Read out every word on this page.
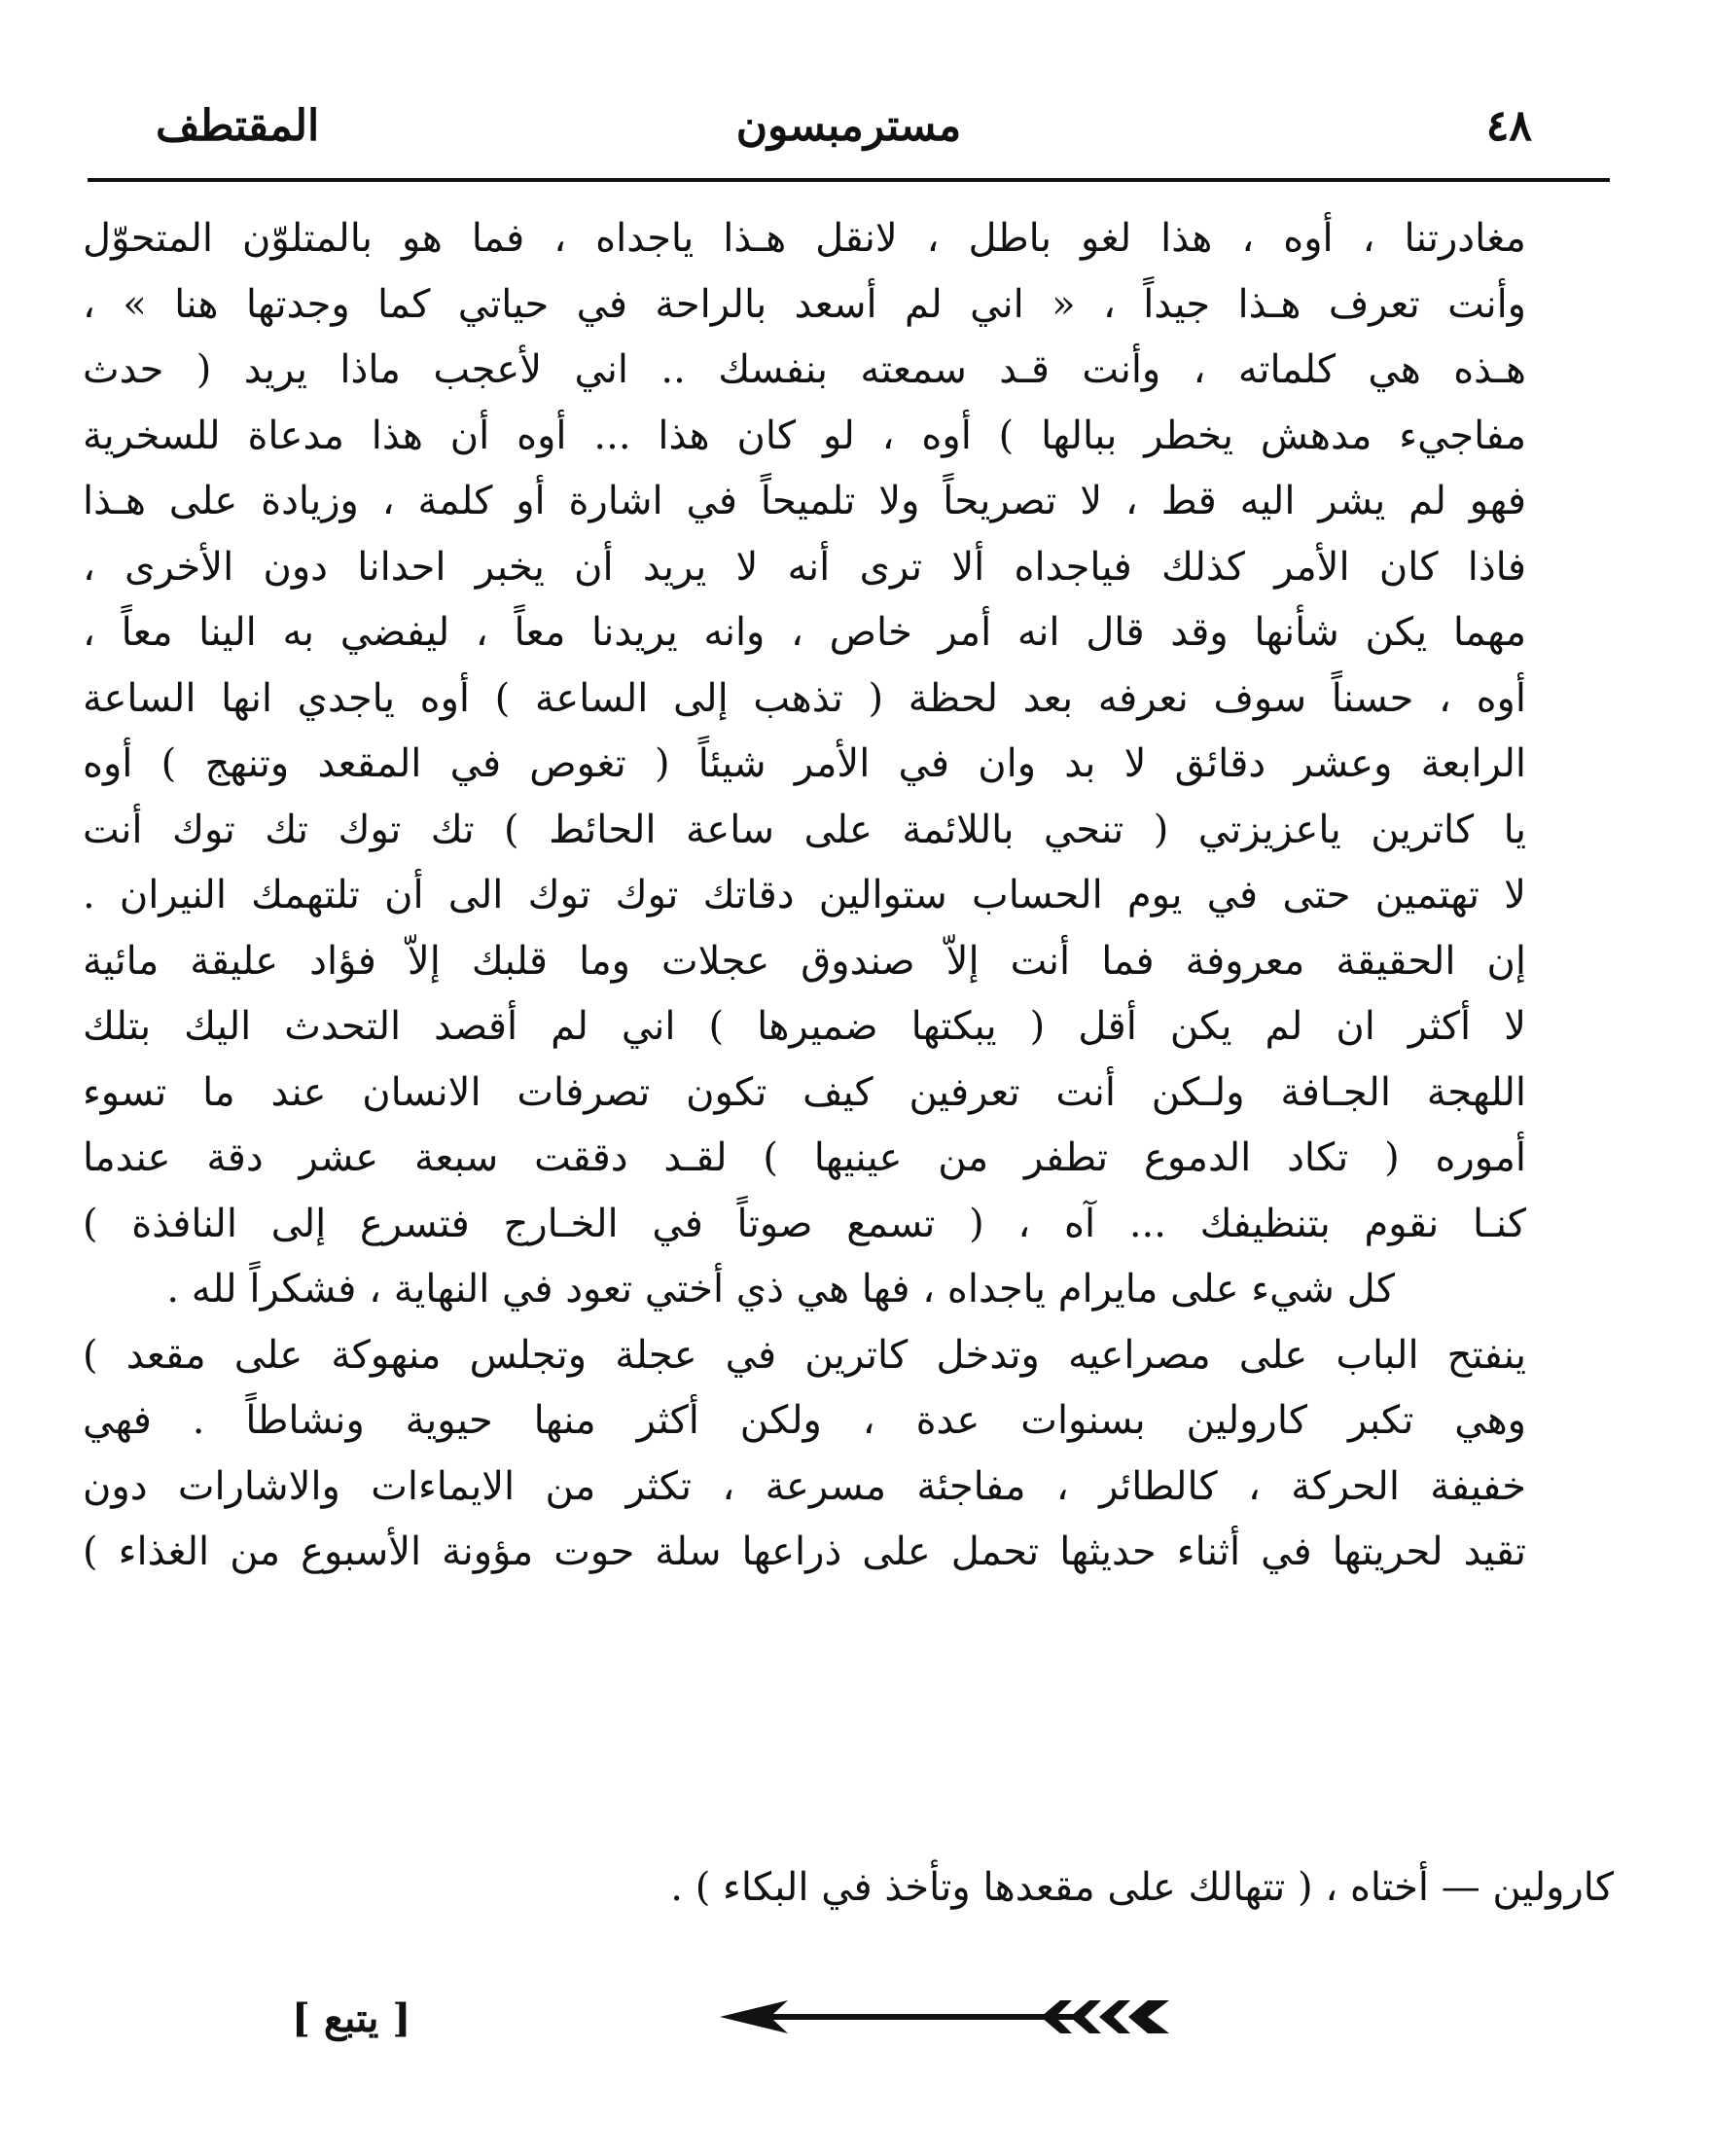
٤٨
مسترمبسون
المقتطف
مغادرتنا ، أوه ، هذا لغو باطل ، لانقل هـذا ياجداه ، فما هو بالمتلوّن المتحوّل
وأنت تعرف هـذا جيداً ، « اني لم أسعد بالراحة في حياتي كما وجدتها هنا » ،
هـذه هي كلماته ، وأنت قـد سمعته بنفسك .. اني لأعجب ماذا يريد ( حدث
مفاجيء مدهش يخطر ببالها ) أوه ، لو كان هذا ... أوه أن هذا مدعاة للسخرية
فهو لم يشر اليه قط ، لا تصريحاً ولا تلميحاً في اشارة أو كلمة ، وزيادة على هـذا
فاذا كان الأمر كذلك فياجداه ألا ترى أنه لا يريد أن يخبر احدانا دون الأخرى ،
مهما يكن شأنها وقد قال انه أمر خاص ، وانه يريدنا معاً ، ليفضي به الينا معاً ،
أوه ، حسناً سوف نعرفه بعد لحظة ( تذهب إلى الساعة ) أوه ياجدي انها الساعة
الرابعة وعشر دقائق لا بد وان في الأمر شيئاً ( تغوص في المقعد وتنهج ) أوه
يا كاترين ياعزيزتي ( تنحي باللائمة على ساعة الحائط ) تك توك تك توك أنت
لا تهتمين حتى في يوم الحساب ستوالين دقاتك توك توك الى أن تلتهمك النيران .
إن الحقيقة معروفة فما أنت إلاّ صندوق عجلات وما قلبك إلاّ فؤاد عليقة مائية
لا أكثر ان لم يكن أقل ( يبكتها ضميرها ) اني لم أقصد التحدث اليك بتلك
اللهجة الجـافة ولـكن أنت تعرفين كيف تكون تصرفات الانسان عند ما تسوء
أموره ( تكاد الدموع تطفر من عينيها ) لقـد دققت سبعة عشر دقة عندما
كنـا نقوم بتنظيفك ... آه ، ( تسمع صوتاً في الخـارج فتسرع إلى النافذة )
كل شيء على مايرام ياجداه ، فها هي ذي أختي تعود في النهاية ، فشكراً لله .
ينفتح الباب على مصراعيه وتدخل كاترين في عجلة وتجلس منهوكة على مقعد )
وهي تكبر كارولين بسنوات عدة ، ولكن أكثر منها حيوية ونشاطاً . فهي
خفيفة الحركة ، كالطائر ، مفاجئة مسرعة ، تكثر من الايماءات والاشارات دون
تقيد لحريتها في أثناء حديثها تحمل على ذراعها سلة حوت مؤونة الأسبوع من الغذاء )
كارولين — أختاه ، ( تتهالك على مقعدها وتأخذ في البكاء ) .
[ يتبع ]
